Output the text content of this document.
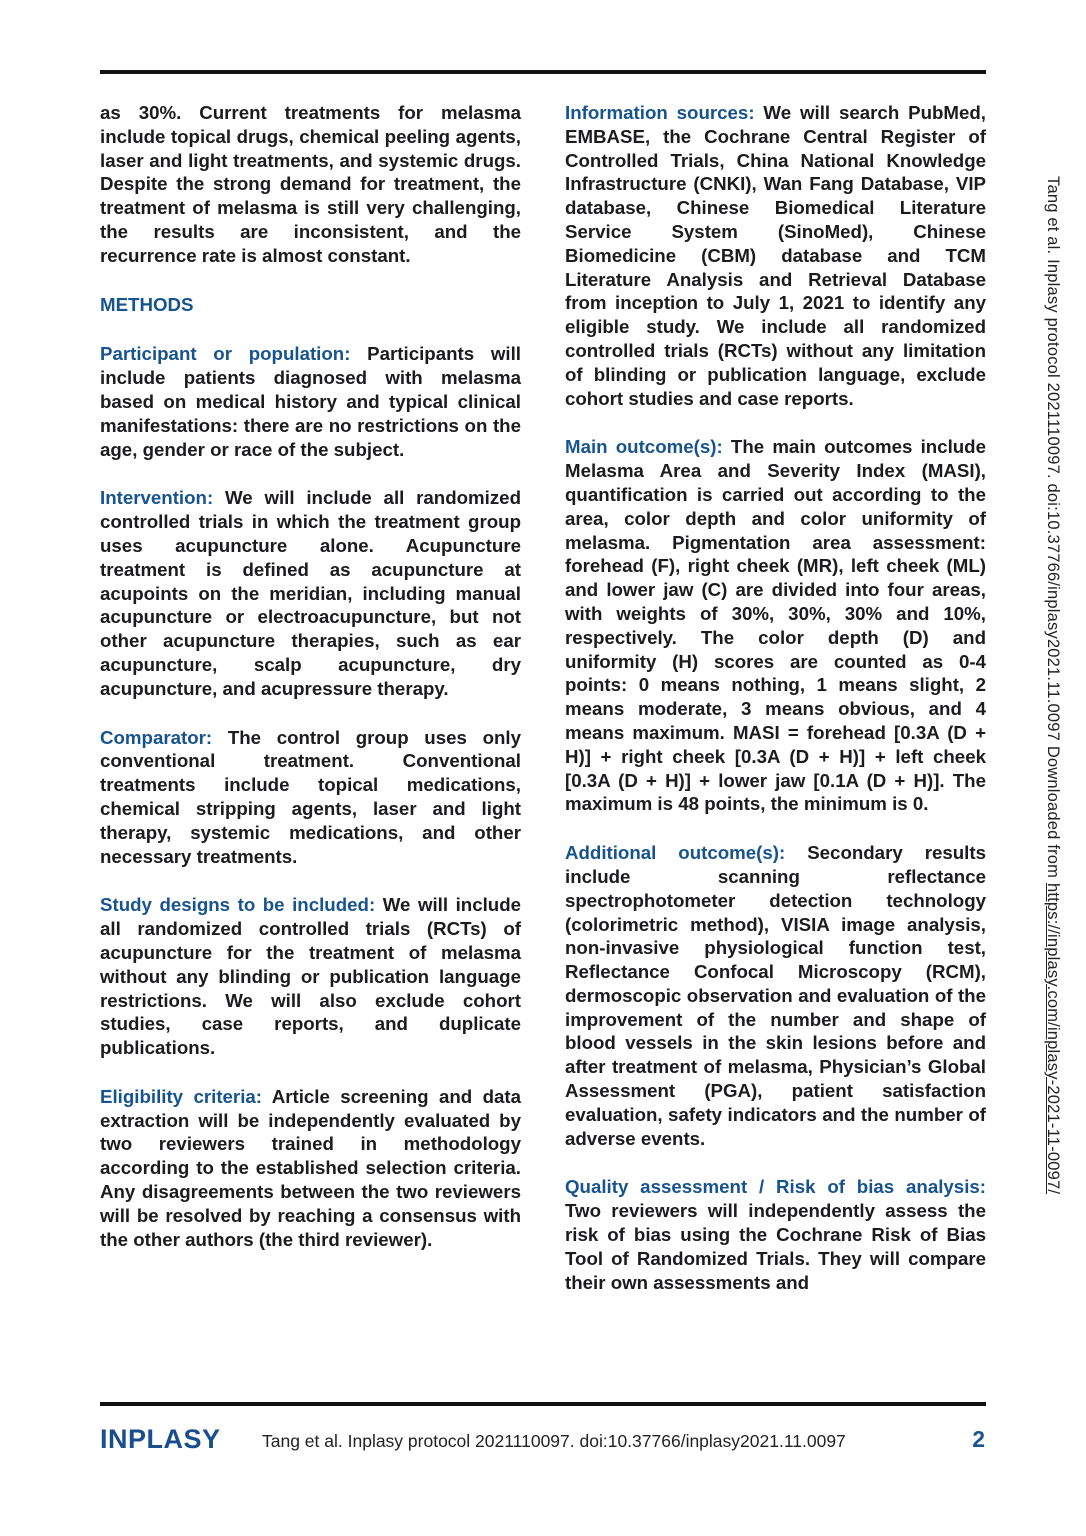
as 30%. Current treatments for melasma include topical drugs, chemical peeling agents, laser and light treatments, and systemic drugs. Despite the strong demand for treatment, the treatment of melasma is still very challenging, the results are inconsistent, and the recurrence rate is almost constant.

METHODS

Participant or population: Participants will include patients diagnosed with melasma based on medical history and typical clinical manifestations: there are no restrictions on the age, gender or race of the subject.

Intervention: We will include all randomized controlled trials in which the treatment group uses acupuncture alone. Acupuncture treatment is defined as acupuncture at acupoints on the meridian, including manual acupuncture or electroacupuncture, but not other acupuncture therapies, such as ear acupuncture, scalp acupuncture, dry acupuncture, and acupressure therapy.

Comparator: The control group uses only conventional treatment. Conventional treatments include topical medications, chemical stripping agents, laser and light therapy, systemic medications, and other necessary treatments.

Study designs to be included: We will include all randomized controlled trials (RCTs) of acupuncture for the treatment of melasma without any blinding or publication language restrictions. We will also exclude cohort studies, case reports, and duplicate publications.

Eligibility criteria: Article screening and data extraction will be independently evaluated by two reviewers trained in methodology according to the established selection criteria. Any disagreements between the two reviewers will be resolved by reaching a consensus with the other authors (the third reviewer).

Information sources: We will search PubMed, EMBASE, the Cochrane Central Register of Controlled Trials, China National Knowledge Infrastructure (CNKI), Wan Fang Database, VIP database, Chinese Biomedical Literature Service System (SinoMed), Chinese Biomedicine (CBM) database and TCM Literature Analysis and Retrieval Database from inception to July 1, 2021 to identify any eligible study. We include all randomized controlled trials (RCTs) without any limitation of blinding or publication language, exclude cohort studies and case reports.

Main outcome(s): The main outcomes include Melasma Area and Severity Index (MASI), quantification is carried out according to the area, color depth and color uniformity of melasma. Pigmentation area assessment: forehead (F), right cheek (MR), left cheek (ML) and lower jaw (C) are divided into four areas, with weights of 30%, 30%, 30% and 10%, respectively. The color depth (D) and uniformity (H) scores are counted as 0-4 points: 0 means nothing, 1 means slight, 2 means moderate, 3 means obvious, and 4 means maximum. MASI = forehead [0.3A (D + H)] + right cheek [0.3A (D + H)] + left cheek [0.3A (D + H)] + lower jaw [0.1A (D + H)]. The maximum is 48 points, the minimum is 0.

Additional outcome(s): Secondary results include scanning reflectance spectrophotometer detection technology (colorimetric method), VISIA image analysis, non-invasive physiological function test, Reflectance Confocal Microscopy (RCM), dermoscopic observation and evaluation of the improvement of the number and shape of blood vessels in the skin lesions before and after treatment of melasma, Physician’s Global Assessment (PGA), patient satisfaction evaluation, safety indicators and the number of adverse events.

Quality assessment / Risk of bias analysis: Two reviewers will independently assess the risk of bias using the Cochrane Risk of Bias Tool of Randomized Trials. They will compare their own assessments and

Tang et al. Inplasy protocol 2021110097. doi:10.37766/inplasy2021.11.0097 Downloaded from https://inplasy.com/inplasy-2021-11-0097/
INPLASY Tang et al. Inplasy protocol 2021110097. doi:10.37766/inplasy2021.11.0097	2
